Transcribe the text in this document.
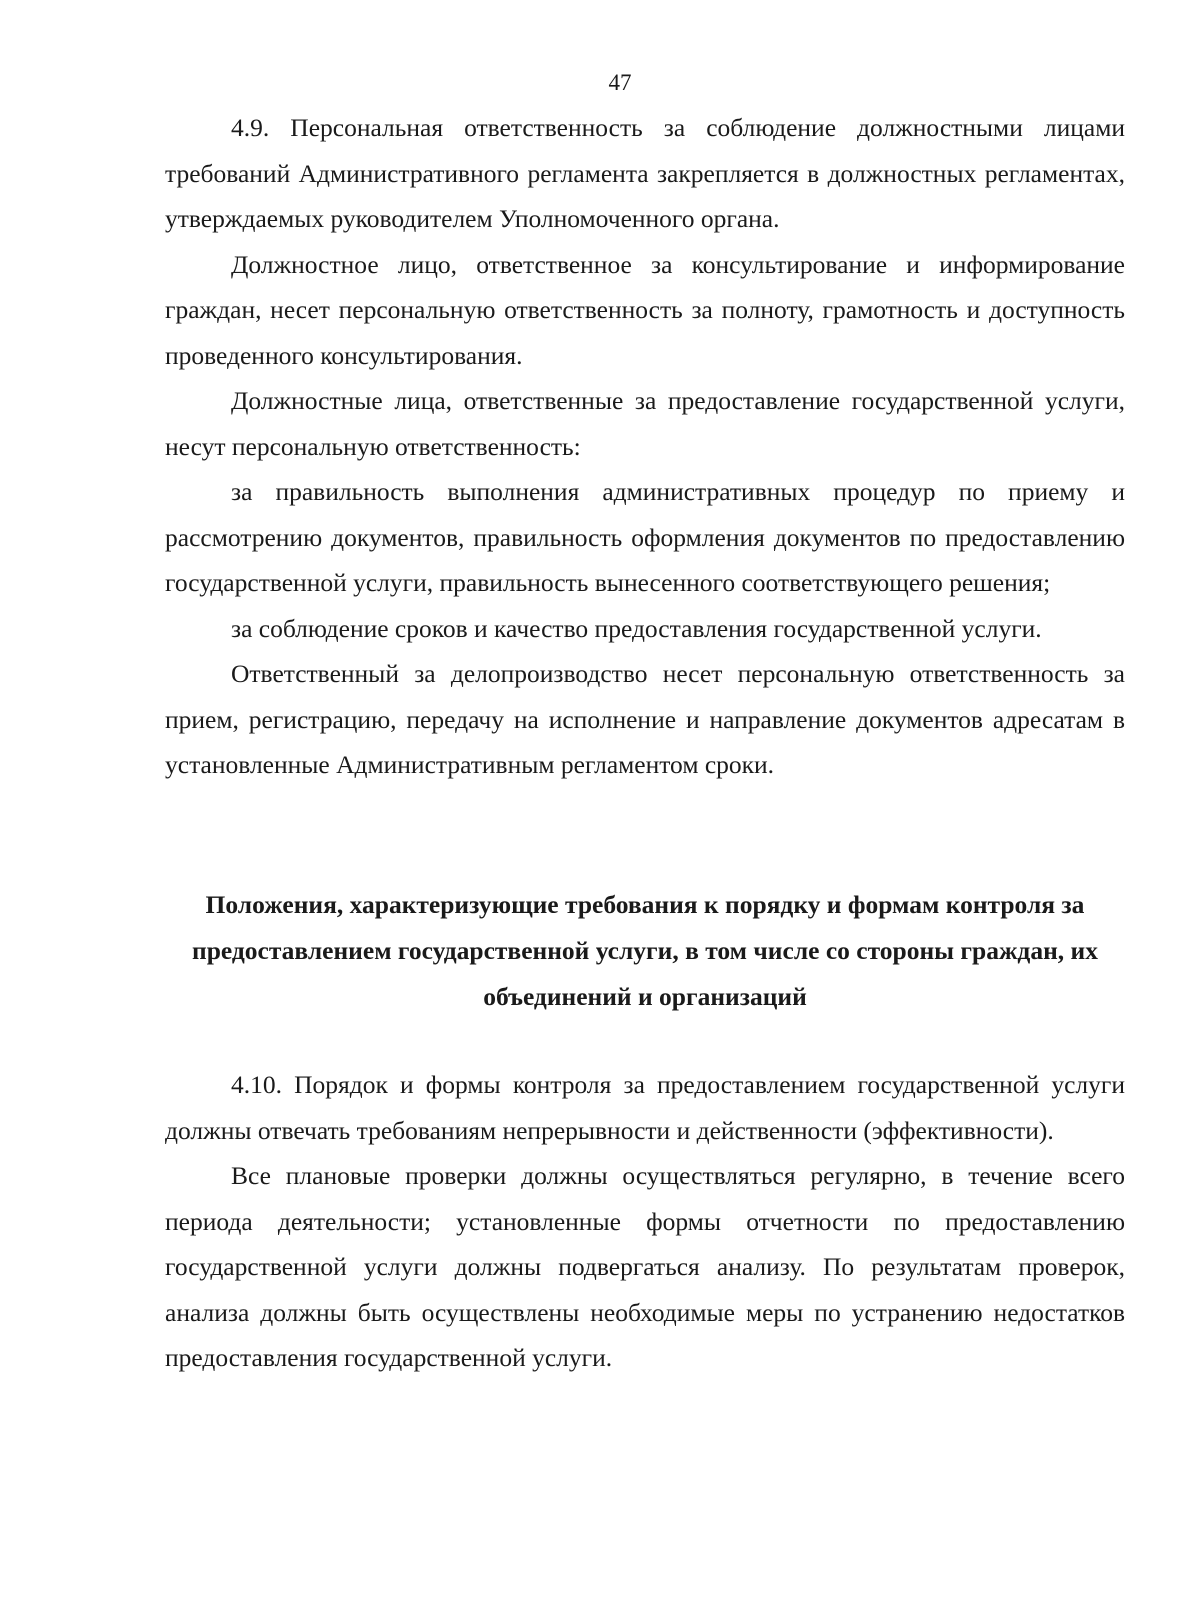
47

4.9. Персональная ответственность за соблюдение должностными лицами требований Административного регламента закрепляется в должностных регламентах, утверждаемых руководителем Уполномоченного органа.

Должностное лицо, ответственное за консультирование и информирование граждан, несет персональную ответственность за полноту, грамотность и доступность проведенного консультирования.

Должностные лица, ответственные за предоставление государственной услуги, несут персональную ответственность:

за правильность выполнения административных процедур по приему и рассмотрению документов, правильность оформления документов по предоставлению государственной услуги, правильность вынесенного соответствующего решения;

за соблюдение сроков и качество предоставления государственной услуги.

Ответственный за делопроизводство несет персональную ответственность за прием, регистрацию, передачу на исполнение и направление документов адресатам в установленные Административным регламентом сроки.

Положения, характеризующие требования к порядку и формам контроля за предоставлением государственной услуги, в том числе со стороны граждан, их объединений и организаций

4.10. Порядок и формы контроля за предоставлением государственной услуги должны отвечать требованиям непрерывности и действенности (эффективности).

Все плановые проверки должны осуществляться регулярно, в течение всего периода деятельности; установленные формы отчетности по предоставлению государственной услуги должны подвергаться анализу. По результатам проверок, анализа должны быть осуществлены необходимые меры по устранению недостатков предоставления государственной услуги.
